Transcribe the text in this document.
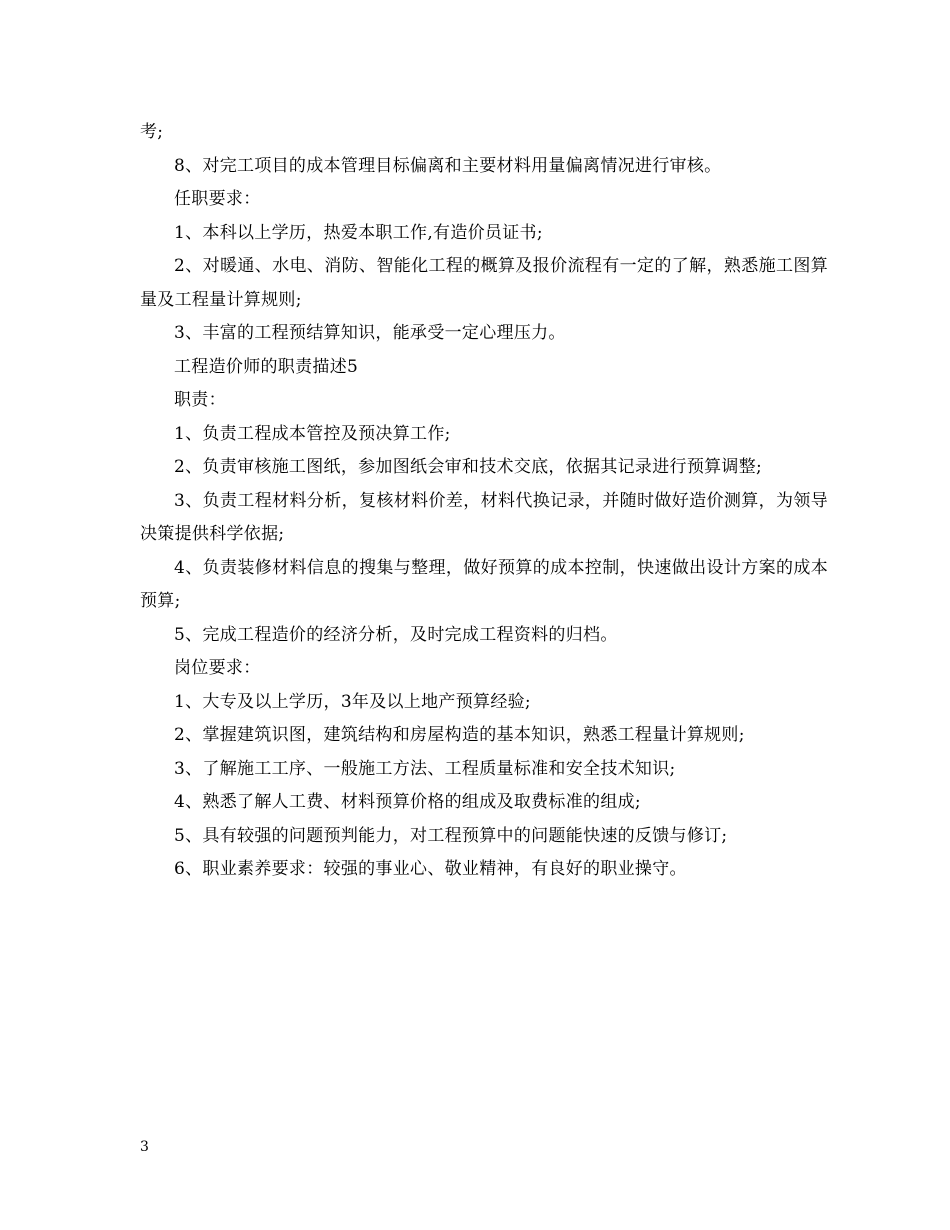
考;

8、对完工项目的成本管理目标偏离和主要材料用量偏离情况进行审核。

任职要求：

1、本科以上学历，热爱本职工作,有造价员证书;

2、对暖通、水电、消防、智能化工程的概算及报价流程有一定的了解，熟悉施工图算量及工程量计算规则;

3、丰富的工程预结算知识，能承受一定心理压力。

工程造价师的职责描述5

职责：

1、负责工程成本管控及预决算工作;

2、负责审核施工图纸，参加图纸会审和技术交底，依据其记录进行预算调整;

3、负责工程材料分析，复核材料价差，材料代换记录，并随时做好造价测算，为领导决策提供科学依据;

4、负责装修材料信息的搜集与整理，做好预算的成本控制，快速做出设计方案的成本预算;

5、完成工程造价的经济分析，及时完成工程资料的归档。

岗位要求：

1、大专及以上学历，3年及以上地产预算经验;

2、掌握建筑识图，建筑结构和房屋构造的基本知识，熟悉工程量计算规则;

3、了解施工工序、一般施工方法、工程质量标准和安全技术知识;

4、熟悉了解人工费、材料预算价格的组成及取费标准的组成;

5、具有较强的问题预判能力，对工程预算中的问题能快速的反馈与修订;

6、职业素养要求：较强的事业心、敬业精神，有良好的职业操守。

3
